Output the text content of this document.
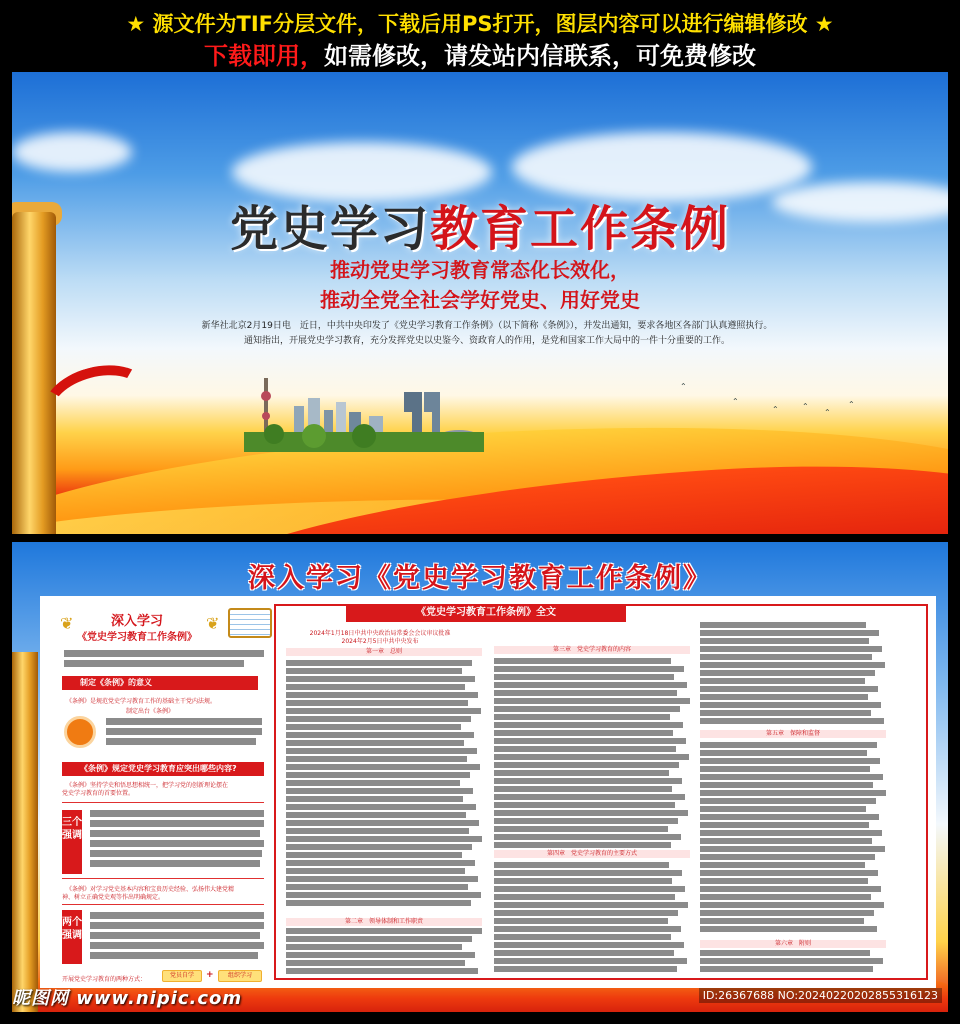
★ 源文件为TIF分层文件，下载后用PS打开，图层内容可以进行编辑修改 ★
下载即用，如需修改，请发站内信联系，可免费修改
⌃
⌃
⌃	⌃
⌃
⌃
党史学习教育工作条例
推动党史学习教育常态化长效化，
推动全党全社会学好党史、用好党史
新华社北京2月19日电　近日，中共中央印发了《党史学习教育工作条例》（以下简称《条例》），并发出通知，要求各地区各部门认真遵照执行。
通知指出，开展党史学习教育，充分发挥党史以史鉴今、资政育人的作用，是党和国家工作大局中的一件十分重要的工作。
深入学习《党史学习教育工作条例》
❦	❦
深入学习
《党史学习教育工作条例》
制定《条例》的意义
《条例》是规范党史学习教育工作的基础主干党内法规。
制定出台《条例》
《条例》规定党史学习教育应突出哪些内容?
《条例》坚持学史和悟思想相统一，把学习党的创新理论摆在
党史学习教育的首要位置。
三个强调
《条例》对学习党史基本内容和宝贵历史经验、弘扬伟大建党精
神、树立正确党史观等作出明确规定。
两个强调
开展党史学习教育的两种方式：
党员自学	+	组织学习
《党史学习教育工作条例》全文
2024年1月18日中共中央政治局常委会会议审议批准
2024年2月5日中共中央发布
第一章　总则
第二章　领导体制和工作职责
第三章　党史学习教育的内容
第四章　党史学习教育的主要方式
第五章　保障和监督
第六章　附则
昵图网 www.nipic.com	ID:26367688 NO:20240220202855316123
